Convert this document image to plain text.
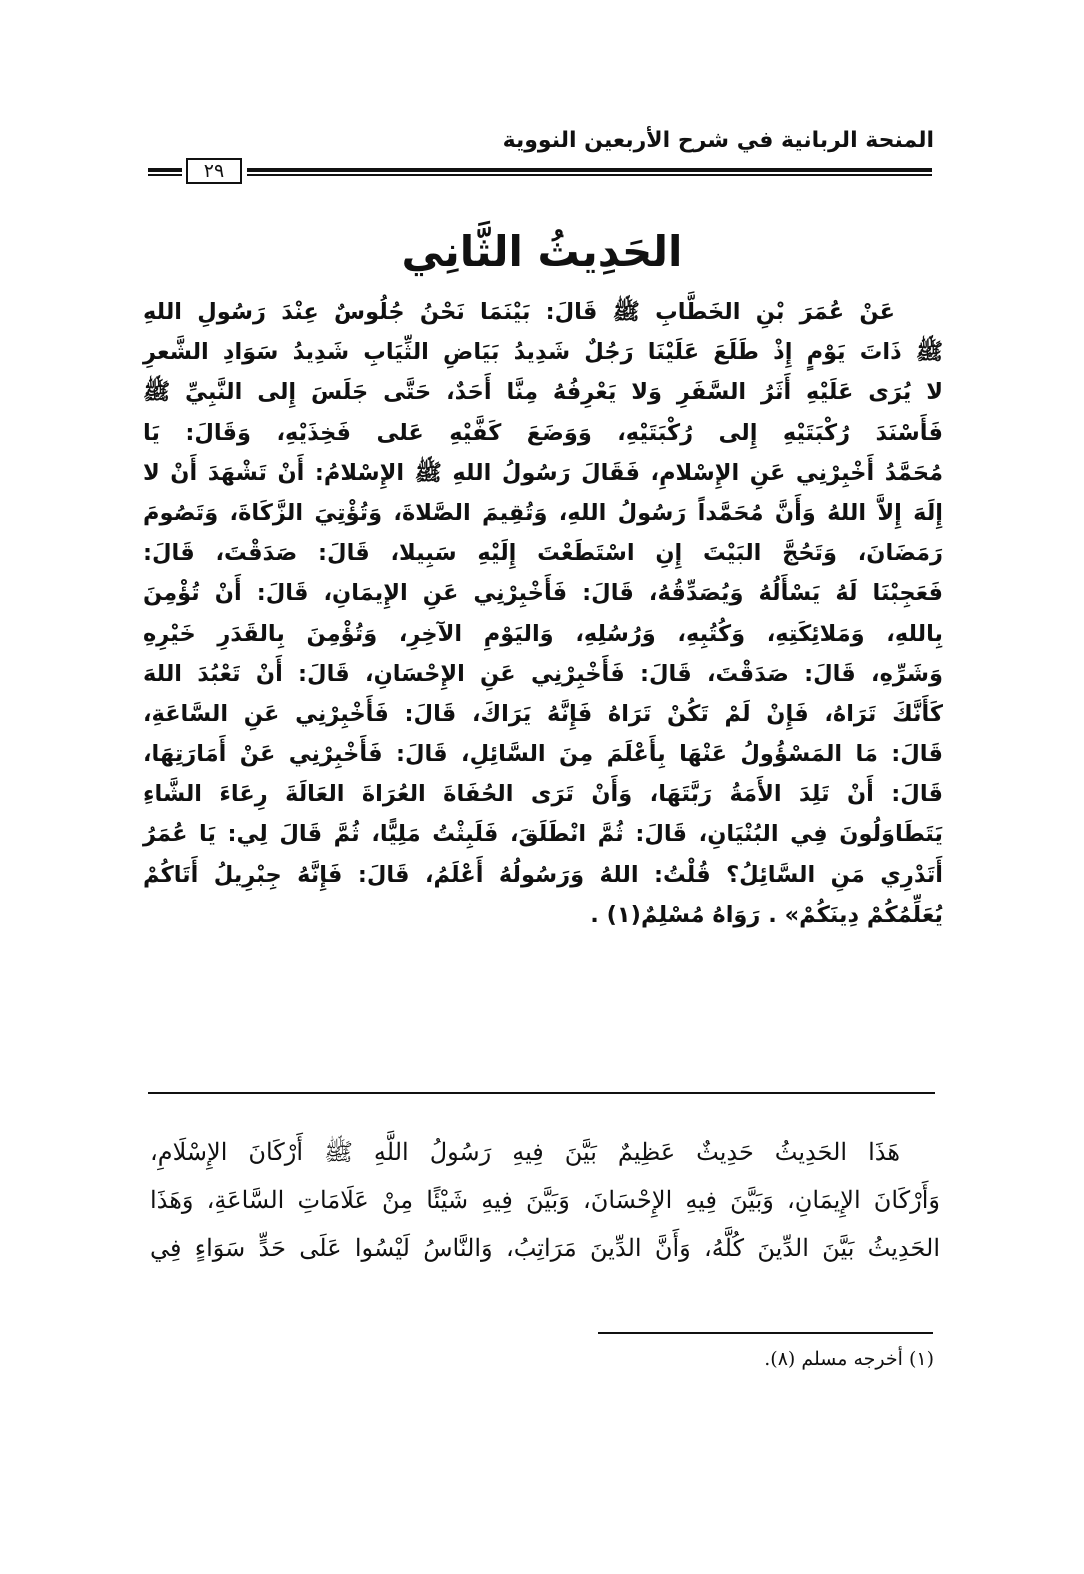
المنحة الربانية في شرح الأربعين النووية
٢٩
الحَدِيثُ الثَّانِي
عَنْ عُمَرَ بْنِ الخَطَّابِ ﷺ قَالَ: بَيْنَمَا نَحْنُ جُلُوسٌ عِنْدَ رَسُولِ اللهِ
ﷺ ذَاتَ يَوْمٍ إِذْ طَلَعَ عَلَيْنَا رَجُلٌ شَدِيدُ بَيَاضِ الثِّيَابِ شَدِيدُ سَوَادِ الشَّعرِ
لا يُرَى عَلَيْهِ أَثَرُ السَّفَرِ وَلا يَعْرِفُهُ مِنَّا أَحَدٌ، حَتَّى جَلَسَ إِلى النَّبِيِّ ﷺ
فَأَسْنَدَ رُكْبَتَيْهِ إِلى رُكْبَتَيْهِ، وَوَضَعَ كَفَّيْهِ عَلى فَخِذَيْهِ، وَقَالَ: يَا
مُحَمَّدُ أَخْبِرْنِي عَنِ الإِسْلامِ، فَقَالَ رَسُولُ اللهِ ﷺ الإِسْلامُ: أَنْ تَشْهَدَ أَنْ لا
إِلَهَ إِلاَّ اللهُ وَأَنَّ مُحَمَّداً رَسُولُ اللهِ، وَتُقِيمَ الصَّلاةَ، وَتُؤْتِيَ الزَّكَاةَ، وَتَصُومَ
رَمَضَانَ، وَتَحُجَّ البَيْتَ إِنِ اسْتَطَعْتَ إِلَيْهِ سَبِيلا، قَالَ: صَدَقْتَ، قَالَ:
فَعَجِبْنَا لَهُ يَسْأَلُهُ وَيُصَدِّقُهُ، قَالَ: فَأَخْبِرْنِي عَنِ الإِيمَانِ، قَالَ: أَنْ تُؤْمِنَ
بِاللهِ، وَمَلائِكَتِهِ، وَكُتُبِهِ، وَرُسُلِهِ، وَاليَوْمِ الآخِرِ، وَتُؤْمِنَ بِالقَدَرِ خَيْرِهِ
وَشَرِّهِ، قَالَ: صَدَقْتَ، قَالَ: فَأَخْبِرْنِي عَنِ الإِحْسَانِ، قَالَ: أَنْ تَعْبُدَ اللهَ
كَأَنَّكَ تَرَاهُ، فَإِنْ لَمْ تَكُنْ تَرَاهُ فَإِنَّهُ يَرَاكَ، قَالَ: فَأَخْبِرْنِي عَنِ السَّاعَةِ،
قَالَ: مَا المَسْؤُولُ عَنْهَا بِأَعْلَمَ مِنَ السَّائِلِ، قَالَ: فَأَخْبِرْنِي عَنْ أَمَارَتِهَا،
قَالَ: أَنْ تَلِدَ الأَمَةُ رَبَّتَهَا، وَأَنْ تَرَى الحُفَاةَ العُرَاةَ العَالَةَ رِعَاءَ الشَّاءِ
يَتَطَاوَلُونَ فِي البُنْيَانِ، قَالَ: ثُمَّ انْطَلَقَ، فَلَبِثْتُ مَلِيًّا، ثُمَّ قَالَ لِي: يَا عُمَرُ
أَتَدْرِي مَنِ السَّائِلُ؟ قُلْتُ: اللهُ وَرَسُولُهُ أَعْلَمُ، قَالَ: فَإِنَّهُ جِبْرِيلُ أَتَاكُمْ
يُعَلِّمُكُمْ دِينَكُمْ» . رَوَاهُ مُسْلِمٌ(١) .
هَذَا الحَدِيثُ حَدِيثٌ عَظِيمٌ بَيَّنَ فِيهِ رَسُولُ اللَّهِ ﷺ أَرْكَانَ الإِسْلَامِ،
وَأَرْكَانَ الإِيمَانِ، وَبَيَّنَ فِيهِ الإِحْسَانَ، وَبَيَّنَ فِيهِ شَيْئًا مِنْ عَلَامَاتِ السَّاعَةِ، وَهَذَا
الحَدِيثُ بَيَّنَ الدِّينَ كُلَّهُ، وَأَنَّ الدِّينَ مَرَاتِبُ، وَالنَّاسُ لَيْسُوا عَلَى حَدٍّ سَوَاءٍ فِي
(١) أخرجه مسلم (٨).
